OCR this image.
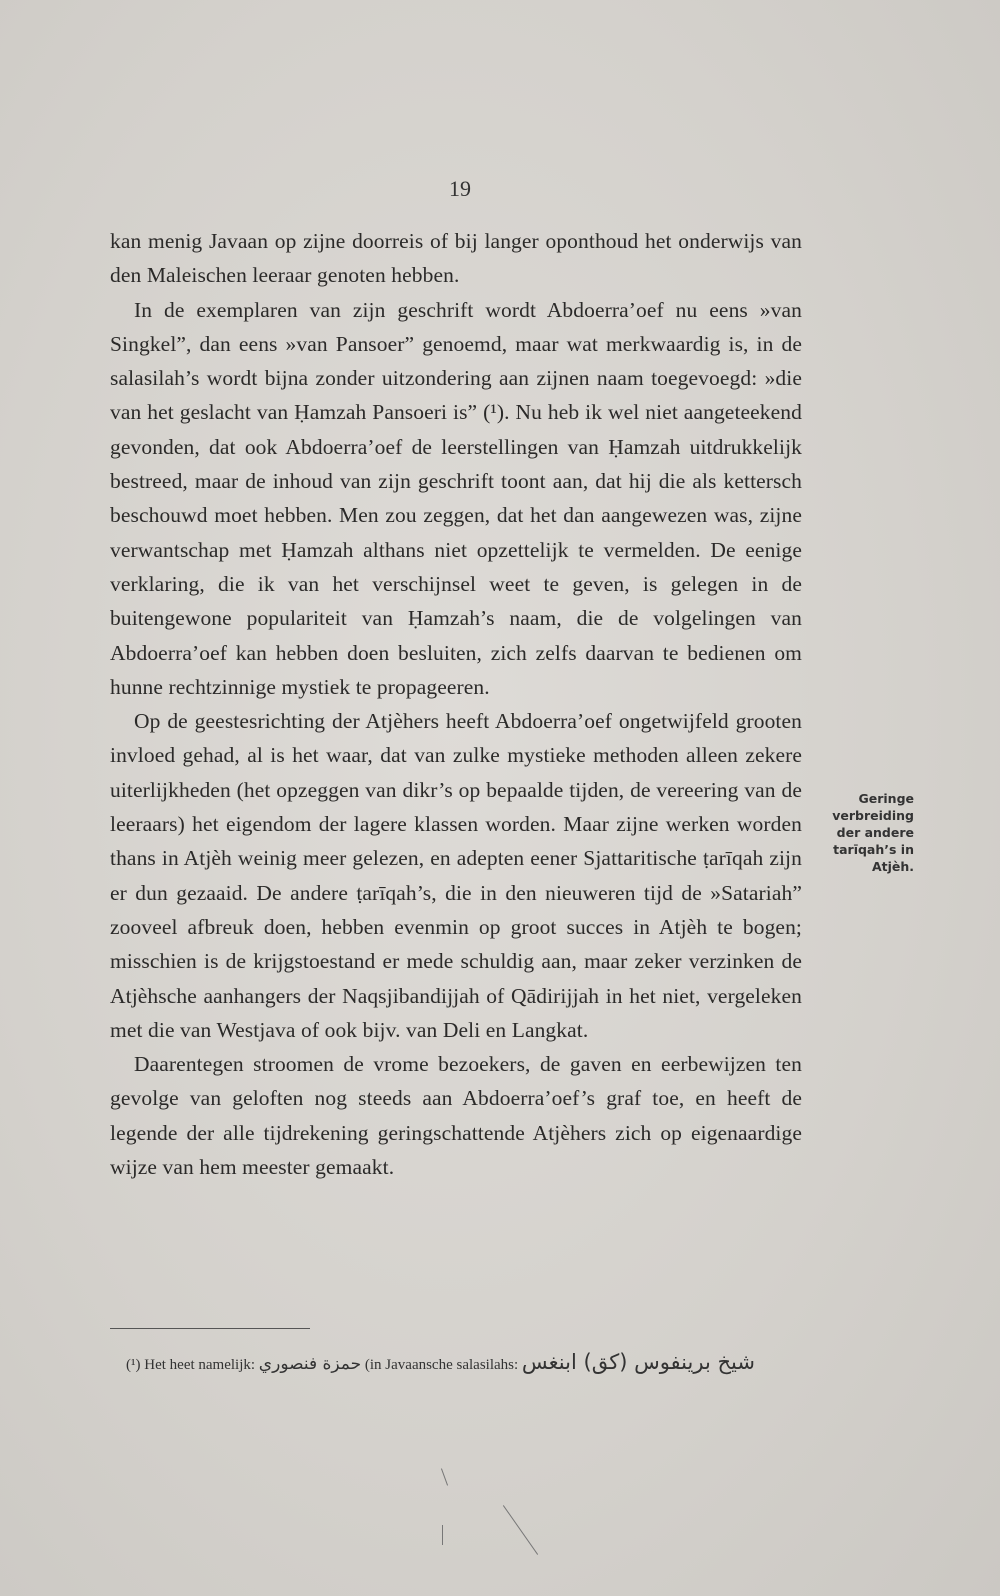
19

kan menig Javaan op zijne doorreis of bij langer oponthoud het onderwijs van den Maleischen leeraar genoten hebben.

In de exemplaren van zijn geschrift wordt Abdoerra’oef nu eens »van Singkel”, dan eens »van Pansoer” genoemd, maar wat merkwaardig is, in de salasilah’s wordt bijna zonder uitzondering aan zijnen naam toegevoegd: »die van het geslacht van Ḥamzah Pansoeri is” (¹). Nu heb ik wel niet aangeteekend gevonden, dat ook Abdoerra’oef de leerstellingen van Ḥamzah uitdrukkelijk bestreed, maar de inhoud van zijn geschrift toont aan, dat hij die als kettersch beschouwd moet hebben. Men zou zeggen, dat het dan aangewezen was, zijne verwantschap met Ḥamzah althans niet opzettelijk te vermelden. De eenige verklaring, die ik van het verschijnsel weet te geven, is gelegen in de buitengewone populariteit van Ḥamzah’s naam, die de volgelingen van Abdoerra’oef kan hebben doen besluiten, zich zelfs daarvan te bedienen om hunne rechtzinnige mystiek te propageeren.

Op de geestesrichting der Atjèhers heeft Abdoerra’oef ongetwijfeld grooten invloed gehad, al is het waar, dat van zulke mystieke methoden alleen zekere uiterlijkheden (het opzeggen van dikr’s op bepaalde tijden, de vereering van de leeraars) het eigendom der lagere klassen worden. Maar zijne werken worden thans in Atjèh weinig meer gelezen, en adepten eener Sjattaritische ṭarīqah zijn er dun gezaaid. De andere ṭarīqah’s, die in den nieuweren tijd de »Satariah” zooveel afbreuk doen, hebben evenmin op groot succes in Atjèh te bogen; misschien is de krijgstoestand er mede schuldig aan, maar zeker verzinken de Atjèhsche aanhangers der Naqsjibandijjah of Qādirijjah in het niet, vergeleken met die van Westjava of ook bijv. van Deli en Langkat.

Daarentegen stroomen de vrome bezoekers, de gaven en eerbewijzen ten gevolge van geloften nog steeds aan Abdoerra’oef’s graf toe, en heeft de legende der alle tijdrekening geringschattende Atjèhers zich op eigenaardige wijze van hem meester gemaakt.

Geringe verbreiding der andere tarīqah’s in Atjèh.
(¹) Het heet namelijk: حمزة فنصوري (in Javaansche salasilahs: شيخ برينفوس (كق) ابنغس
